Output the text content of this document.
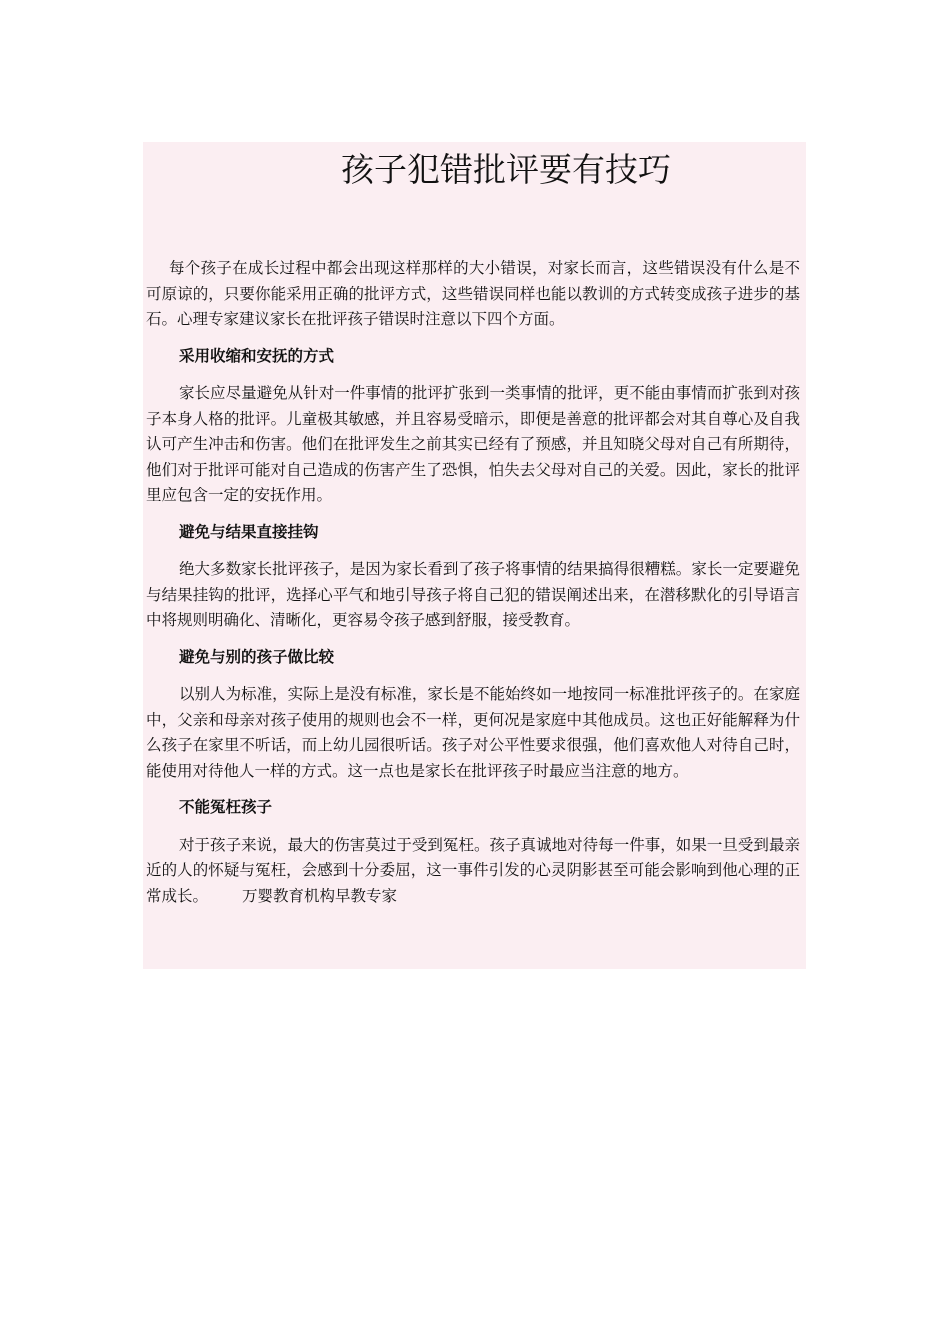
孩子犯错批评要有技巧

每个孩子在成长过程中都会出现这样那样的大小错误，对家长而言，这些错误没有什么是不可原谅的，只要你能采用正确的批评方式，这些错误同样也能以教训的方式转变成孩子进步的基石。心理专家建议家长在批评孩子错误时注意以下四个方面。

采用收缩和安抚的方式

家长应尽量避免从针对一件事情的批评扩张到一类事情的批评，更不能由事情而扩张到对孩子本身人格的批评。儿童极其敏感，并且容易受暗示，即便是善意的批评都会对其自尊心及自我认可产生冲击和伤害。他们在批评发生之前其实已经有了预感，并且知晓父母对自己有所期待，他们对于批评可能对自己造成的伤害产生了恐惧，怕失去父母对自己的关爱。因此，家长的批评里应包含一定的安抚作用。

避免与结果直接挂钩

绝大多数家长批评孩子，是因为家长看到了孩子将事情的结果搞得很糟糕。家长一定要避免与结果挂钩的批评，选择心平气和地引导孩子将自己犯的错误阐述出来，在潜移默化的引导语言中将规则明确化、清晰化，更容易令孩子感到舒服，接受教育。

避免与别的孩子做比较

以别人为标准，实际上是没有标准，家长是不能始终如一地按同一标准批评孩子的。在家庭中，父亲和母亲对孩子使用的规则也会不一样，更何况是家庭中其他成员。这也正好能解释为什么孩子在家里不听话，而上幼儿园很听话。孩子对公平性要求很强，他们喜欢他人对待自己时，能使用对待他人一样的方式。这一点也是家长在批评孩子时最应当注意的地方。

不能冤枉孩子

对于孩子来说，最大的伤害莫过于受到冤枉。孩子真诚地对待每一件事，如果一旦受到最亲近的人的怀疑与冤枉，会感到十分委屈，这一事件引发的心灵阴影甚至可能会影响到他心理的正常成长。 万婴教育机构早教专家
